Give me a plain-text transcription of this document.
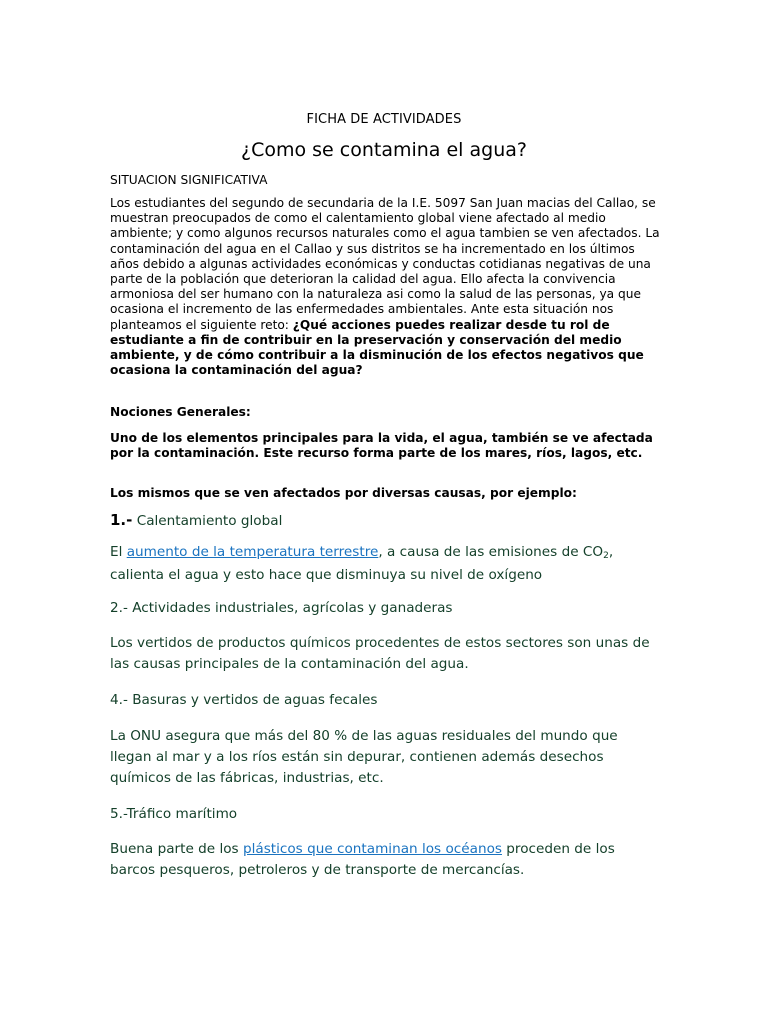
FICHA DE ACTIVIDADES
¿Como se contamina el agua?
SITUACION SIGNIFICATIVA
Los estudiantes del segundo de secundaria de la I.E. 5097 San Juan macias del Callao, se muestran preocupados de como el calentamiento global viene afectado al medio ambiente; y como algunos recursos naturales como el agua tambien se ven afectados. La contaminación del agua en el Callao y sus distritos se ha incrementado en los últimos años debido a algunas actividades económicas y conductas cotidianas negativas de una parte de la población que deterioran la calidad del agua. Ello afecta la convivencia armoniosa del ser humano con la naturaleza asi como la salud de las personas, ya que ocasiona el incremento de las enfermedades ambientales. Ante esta situación nos planteamos el siguiente reto: ¿Qué acciones puedes realizar desde tu rol de estudiante a fin de contribuir en la preservación y conservación del medio ambiente, y de cómo contribuir a la disminución de los efectos negativos que ocasiona la contaminación del agua?
Nociones Generales:
Uno de los elementos principales para la vida, el agua, también se ve afectada por la contaminación. Este recurso forma parte de los mares, ríos, lagos, etc.
Los mismos que se ven afectados por diversas causas, por ejemplo:
1.- Calentamiento global
El aumento de la temperatura terrestre, a causa de las emisiones de $CO_2$, calienta el agua y esto hace que disminuya su nivel de oxígeno
2.- Actividades industriales, agrícolas y ganaderas
Los vertidos de productos químicos procedentes de estos sectores son unas de las causas principales de la contaminación del agua.
4.- Basuras y vertidos de aguas fecales
La ONU asegura que más del 80 % de las aguas residuales del mundo que llegan al mar y a los ríos están sin depurar, contienen además desechos químicos de las fábricas, industrias, etc.
5.-Tráfico marítimo
Buena parte de los plásticos que contaminan los océanos proceden de los barcos pesqueros, petroleros y de transporte de mercancías.
